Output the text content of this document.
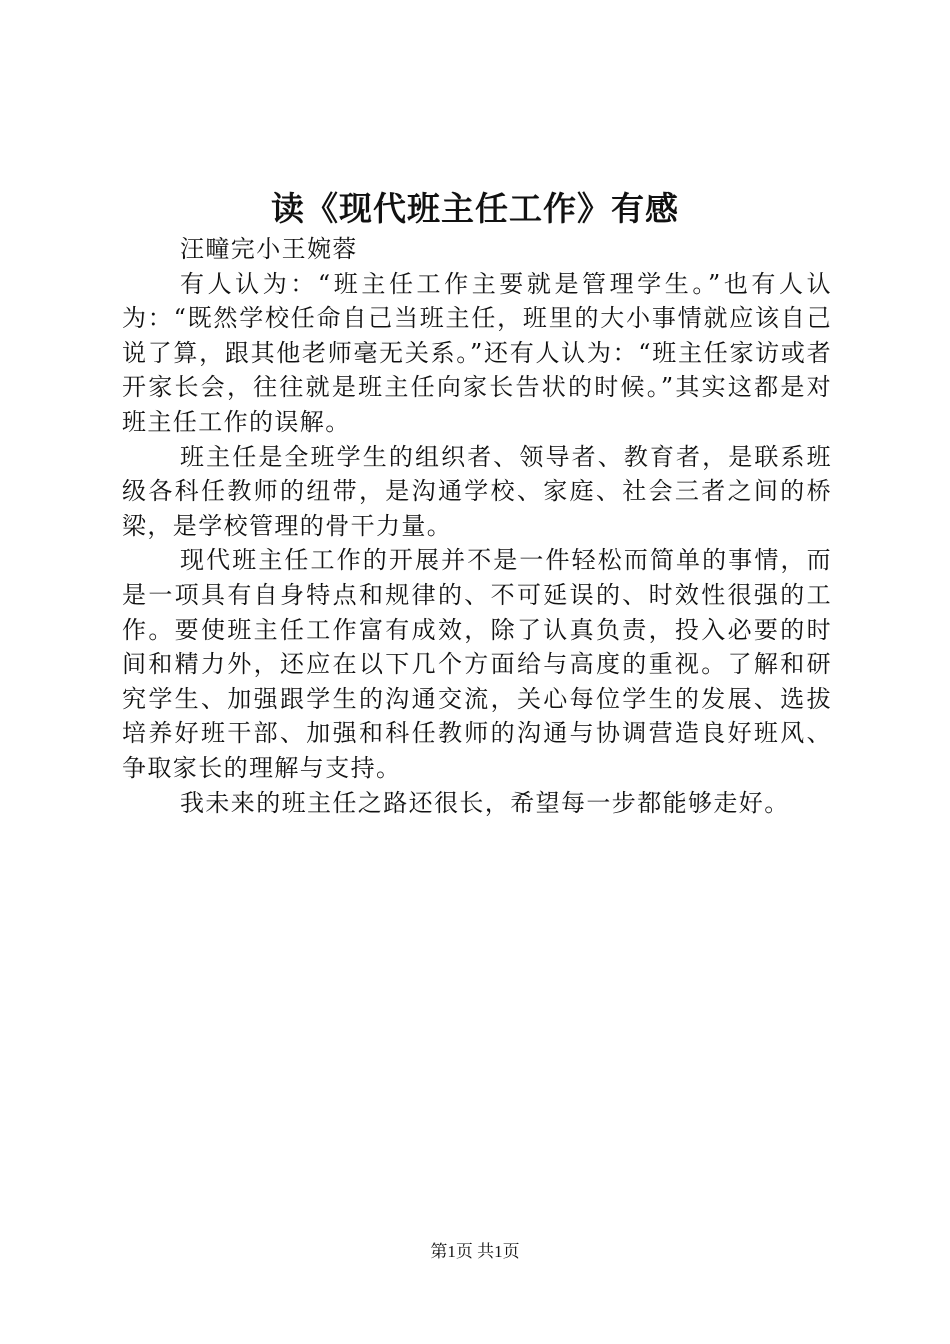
读《现代班主任工作》有感

汪疃完小王婉蓉

有人认为：“班主任工作主要就是管理学生。”也有人认为：“既然学校任命自己当班主任，班里的大小事情就应该自己说了算，跟其他老师毫无关系。”还有人认为：“班主任家访或者开家长会，往往就是班主任向家长告状的时候。”其实这都是对班主任工作的误解。

班主任是全班学生的组织者、领导者、教育者，是联系班级各科任教师的纽带，是沟通学校、家庭、社会三者之间的桥梁，是学校管理的骨干力量。

现代班主任工作的开展并不是一件轻松而简单的事情，而是一项具有自身特点和规律的、不可延误的、时效性很强的工作。要使班主任工作富有成效，除了认真负责，投入必要的时间和精力外，还应在以下几个方面给与高度的重视。了解和研究学生、加强跟学生的沟通交流，关心每位学生的发展、选拔培养好班干部、加强和科任教师的沟通与协调营造良好班风、争取家长的理解与支持。

我未来的班主任之路还很长，希望每一步都能够走好。

第1页 共1页
